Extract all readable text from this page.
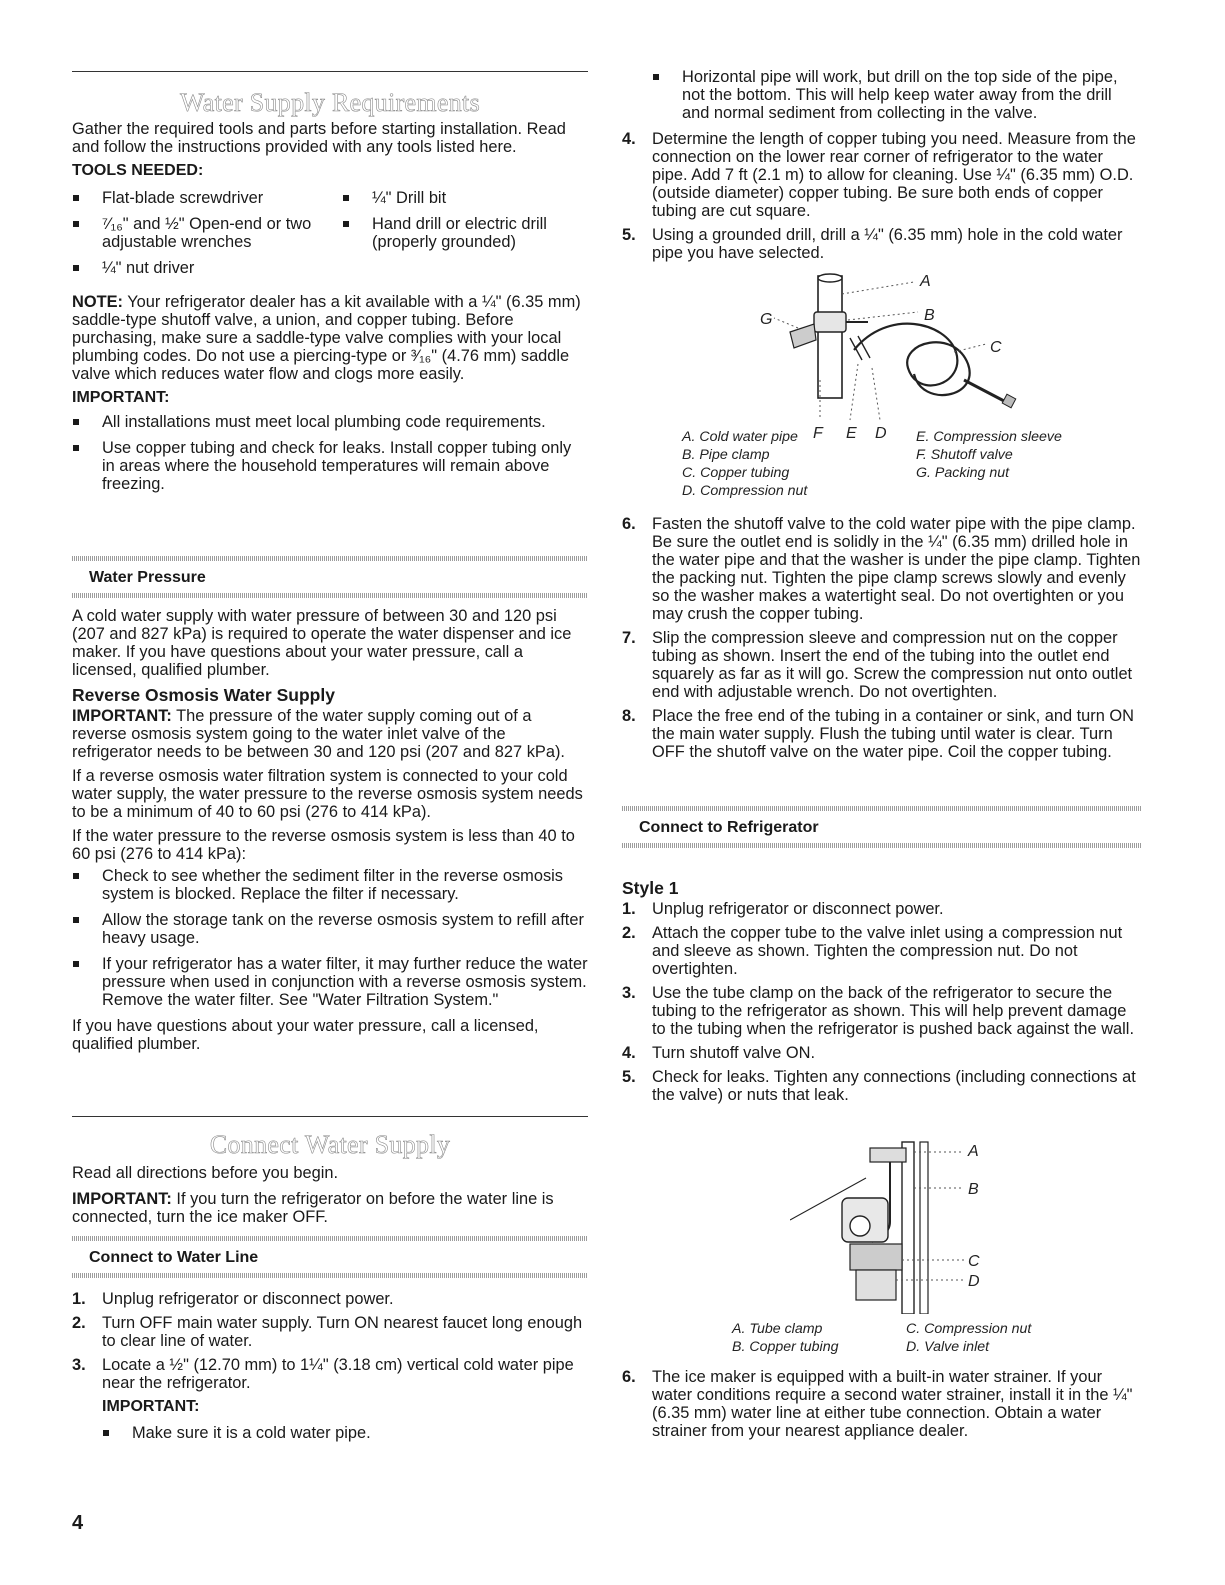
Water Supply Requirements

Gather the required tools and parts before starting installation. Read and follow the instructions provided with any tools listed here.

TOOLS NEEDED:

Flat-blade screwdriver	¼" Drill bit

⁷⁄₁₆" and ½" Open-end or two adjustable wrenches

Hand drill or electric drill (properly grounded)

¼" nut driver

NOTE: Your refrigerator dealer has a kit available with a ¼" (6.35 mm) saddle-type shutoff valve, a union, and copper tubing. Before purchasing, make sure a saddle-type valve complies with your local plumbing codes. Do not use a piercing-type or ³⁄₁₆" (4.76 mm) saddle valve which reduces water flow and clogs more easily.

IMPORTANT:

All installations must meet local plumbing code requirements.

Use copper tubing and check for leaks. Install copper tubing only in areas where the household temperatures will remain above freezing.

Water Pressure

A cold water supply with water pressure of between 30 and 120 psi (207 and 827 kPa) is required to operate the water dispenser and ice maker. If you have questions about your water pressure, call a licensed, qualified plumber.

Reverse Osmosis Water Supply

IMPORTANT: The pressure of the water supply coming out of a reverse osmosis system going to the water inlet valve of the refrigerator needs to be between 30 and 120 psi (207 and 827 kPa).

If a reverse osmosis water filtration system is connected to your cold water supply, the water pressure to the reverse osmosis system needs to be a minimum of 40 to 60 psi (276 to 414 kPa).

If the water pressure to the reverse osmosis system is less than 40 to 60 psi (276 to 414 kPa):

Check to see whether the sediment filter in the reverse osmosis system is blocked. Replace the filter if necessary.

Allow the storage tank on the reverse osmosis system to refill after heavy usage.

If your refrigerator has a water filter, it may further reduce the water pressure when used in conjunction with a reverse osmosis system. Remove the water filter. See "Water Filtration System."

If you have questions about your water pressure, call a licensed, qualified plumber.

Connect Water Supply

Read all directions before you begin.

IMPORTANT: If you turn the refrigerator on before the water line is connected, turn the ice maker OFF.

Connect to Water Line

1. Unplug refrigerator or disconnect power.

2. Turn OFF main water supply. Turn ON nearest faucet long enough to clear line of water.

3. Locate a ½" (12.70 mm) to 1¼" (3.18 cm) vertical cold water pipe near the refrigerator.

IMPORTANT:

Make sure it is a cold water pipe.

4

Horizontal pipe will work, but drill on the top side of the pipe, not the bottom. This will help keep water away from the drill and normal sediment from collecting in the valve.

4. Determine the length of copper tubing you need. Measure from the connection on the lower rear corner of refrigerator to the water pipe. Add 7 ft (2.1 m) to allow for cleaning. Use ¼" (6.35 mm) O.D. (outside diameter) copper tubing. Be sure both ends of copper tubing are cut square.

5. Using a grounded drill, drill a ¼" (6.35 mm) hole in the cold water pipe you have selected.

A
B
C
D
E
F
G
A. Cold water pipe	E. Compression sleeve
B. Pipe clamp	F. Shutoff valve
C. Copper tubing	G. Packing nut
D. Compression nut

6. Fasten the shutoff valve to the cold water pipe with the pipe clamp. Be sure the outlet end is solidly in the ¼" (6.35 mm) drilled hole in the water pipe and that the washer is under the pipe clamp. Tighten the packing nut. Tighten the pipe clamp screws slowly and evenly so the washer makes a watertight seal. Do not overtighten or you may crush the copper tubing.

7. Slip the compression sleeve and compression nut on the copper tubing as shown. Insert the end of the tubing into the outlet end squarely as far as it will go. Screw the compression nut onto outlet end with adjustable wrench. Do not overtighten.

8. Place the free end of the tubing in a container or sink, and turn ON the main water supply. Flush the tubing until water is clear. Turn OFF the shutoff valve on the water pipe. Coil the copper tubing.

Connect to Refrigerator
Style 1

1. Unplug refrigerator or disconnect power.

2. Attach the copper tube to the valve inlet using a compression nut and sleeve as shown. Tighten the compression nut. Do not overtighten.

3. Use the tube clamp on the back of the refrigerator to secure the tubing to the refrigerator as shown. This will help prevent damage to the tubing when the refrigerator is pushed back against the wall.

4. Turn shutoff valve ON.

5. Check for leaks. Tighten any connections (including connections at the valve) or nuts that leak.

A
B
C
D
A. Tube clamp	C. Compression nut
B. Copper tubing	D. Valve inlet

6. The ice maker is equipped with a built-in water strainer. If your water conditions require a second water strainer, install it in the ¼" (6.35 mm) water line at either tube connection. Obtain a water strainer from your nearest appliance dealer.
